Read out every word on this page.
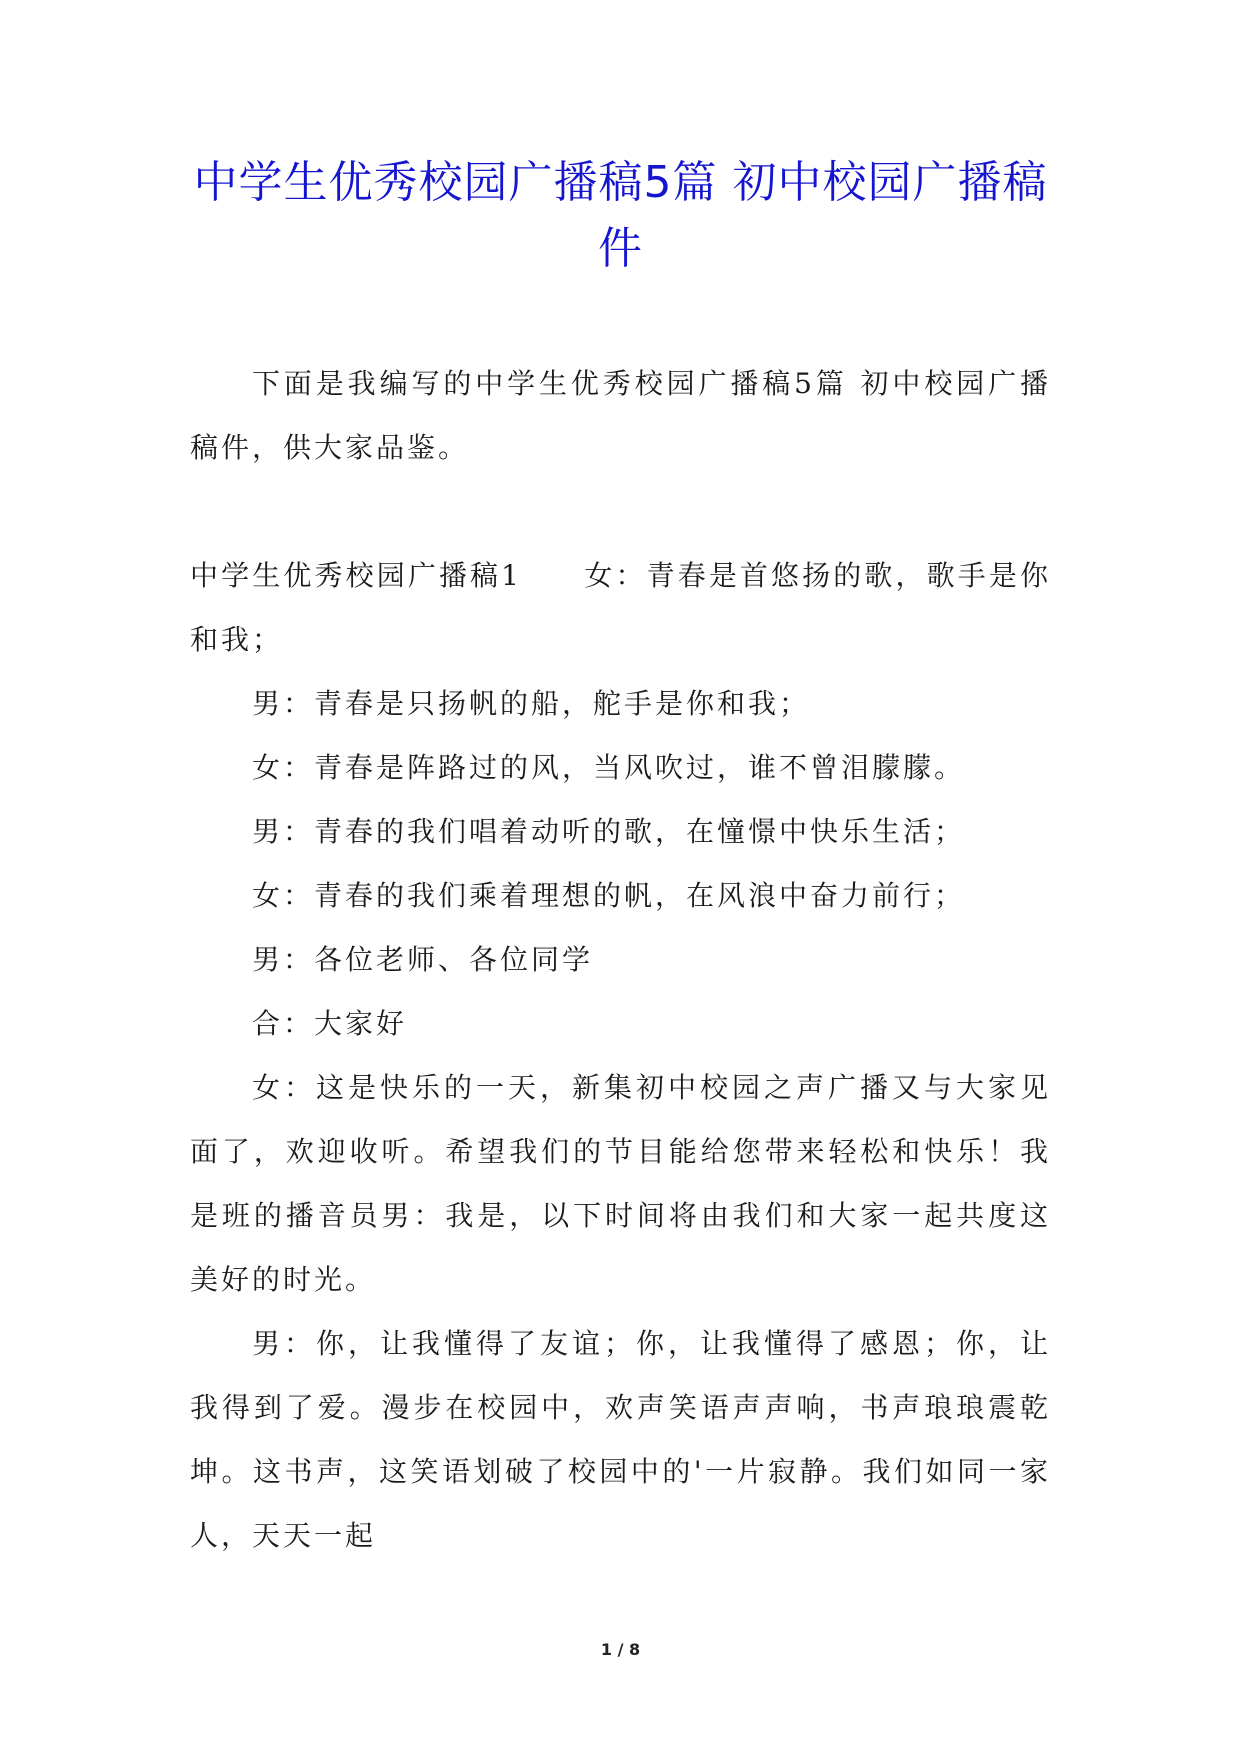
中学生优秀校园广播稿5篇 初中校园广播稿件

下面是我编写的中学生优秀校园广播稿5篇 初中校园广播稿件，供大家品鉴。

中学生优秀校园广播稿1　　女：青春是首悠扬的歌，歌手是你和我；

男：青春是只扬帆的船，舵手是你和我；

女：青春是阵路过的风，当风吹过，谁不曾泪朦朦。

男：青春的我们唱着动听的歌，在憧憬中快乐生活；

女：青春的我们乘着理想的帆，在风浪中奋力前行；

男：各位老师、各位同学

合：大家好

女：这是快乐的一天，新集初中校园之声广播又与大家见面了，欢迎收听。希望我们的节目能给您带来轻松和快乐！我是班的播音员男：我是，以下时间将由我们和大家一起共度这美好的时光。

男：你，让我懂得了友谊；你，让我懂得了感恩；你，让我得到了爱。漫步在校园中，欢声笑语声声响，书声琅琅震乾坤。这书声，这笑语划破了校园中的'一片寂静。我们如同一家人，天天一起

1 / 8
